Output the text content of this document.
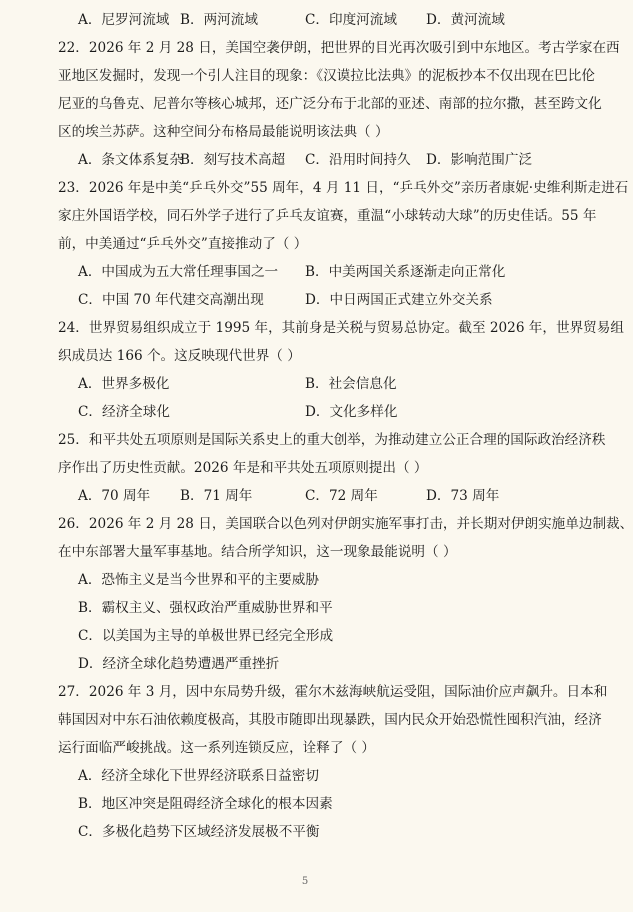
A．尼罗河流域 B．两河流域	C．印度河流域 D．黄河流域
22．2026 年 2 月 28 日，美国空袭伊朗，把世界的目光再次吸引到中东地区。考古学家在西
亚地区发掘时，发现一个引人注目的现象：《汉谟拉比法典》的泥板抄本不仅出现在巴比伦
尼亚的乌鲁克、尼普尔等核心城邦，还广泛分布于北部的亚述、南部的拉尔撒，甚至跨文化
区的埃兰苏萨。这种空间分布格局最能说明该法典（ ）
A．条文体系复杂
B．刻写技术高超 C．沿用时间持久 D．影响范围广泛
23．2026 年是中美“乒乓外交”55 周年，4 月 11 日，“乒乓外交”亲历者康妮·史维利斯走进石
家庄外国语学校，同石外学子进行了乒乓友谊赛，重温“小球转动大球”的历史佳话。55 年
前，中美通过“乒乓外交”直接推动了（ ）
A．中国成为五大常任理事国之一 B．中美两国关系逐渐走向正常化
C．中国 70 年代建交高潮出现	D．中日两国正式建立外交关系
24．世界贸易组织成立于 1995 年，其前身是关税与贸易总协定。截至 2026 年，世界贸易组
织成员达 166 个。这反映现代世界（ ）
A．世界多极化	B．社会信息化
C．经济全球化	D．文化多样化
25．和平共处五项原则是国际关系史上的重大创举，为推动建立公正合理的国际政治经济秩
序作出了历史性贡献。2026 年是和平共处五项原则提出（ ）
A．70 周年 B．71 周年	C．72 周年	D．73 周年
26．2026 年 2 月 28 日，美国联合以色列对伊朗实施军事打击，并长期对伊朗实施单边制裁、
在中东部署大量军事基地。结合所学知识，这一现象最能说明（ ）
A．恐怖主义是当今世界和平的主要威胁
B．霸权主义、强权政治严重威胁世界和平
C．以美国为主导的单极世界已经完全形成
D．经济全球化趋势遭遇严重挫折
27．2026 年 3 月，因中东局势升级，霍尔木兹海峡航运受阻，国际油价应声飙升。日本和
韩国因对中东石油依赖度极高，其股市随即出现暴跌，国内民众开始恐慌性囤积汽油，经济
运行面临严峻挑战。这一系列连锁反应，诠释了（ ）
A．经济全球化下世界经济联系日益密切
B．地区冲突是阻碍经济全球化的根本因素
C．多极化趋势下区域经济发展极不平衡
5
